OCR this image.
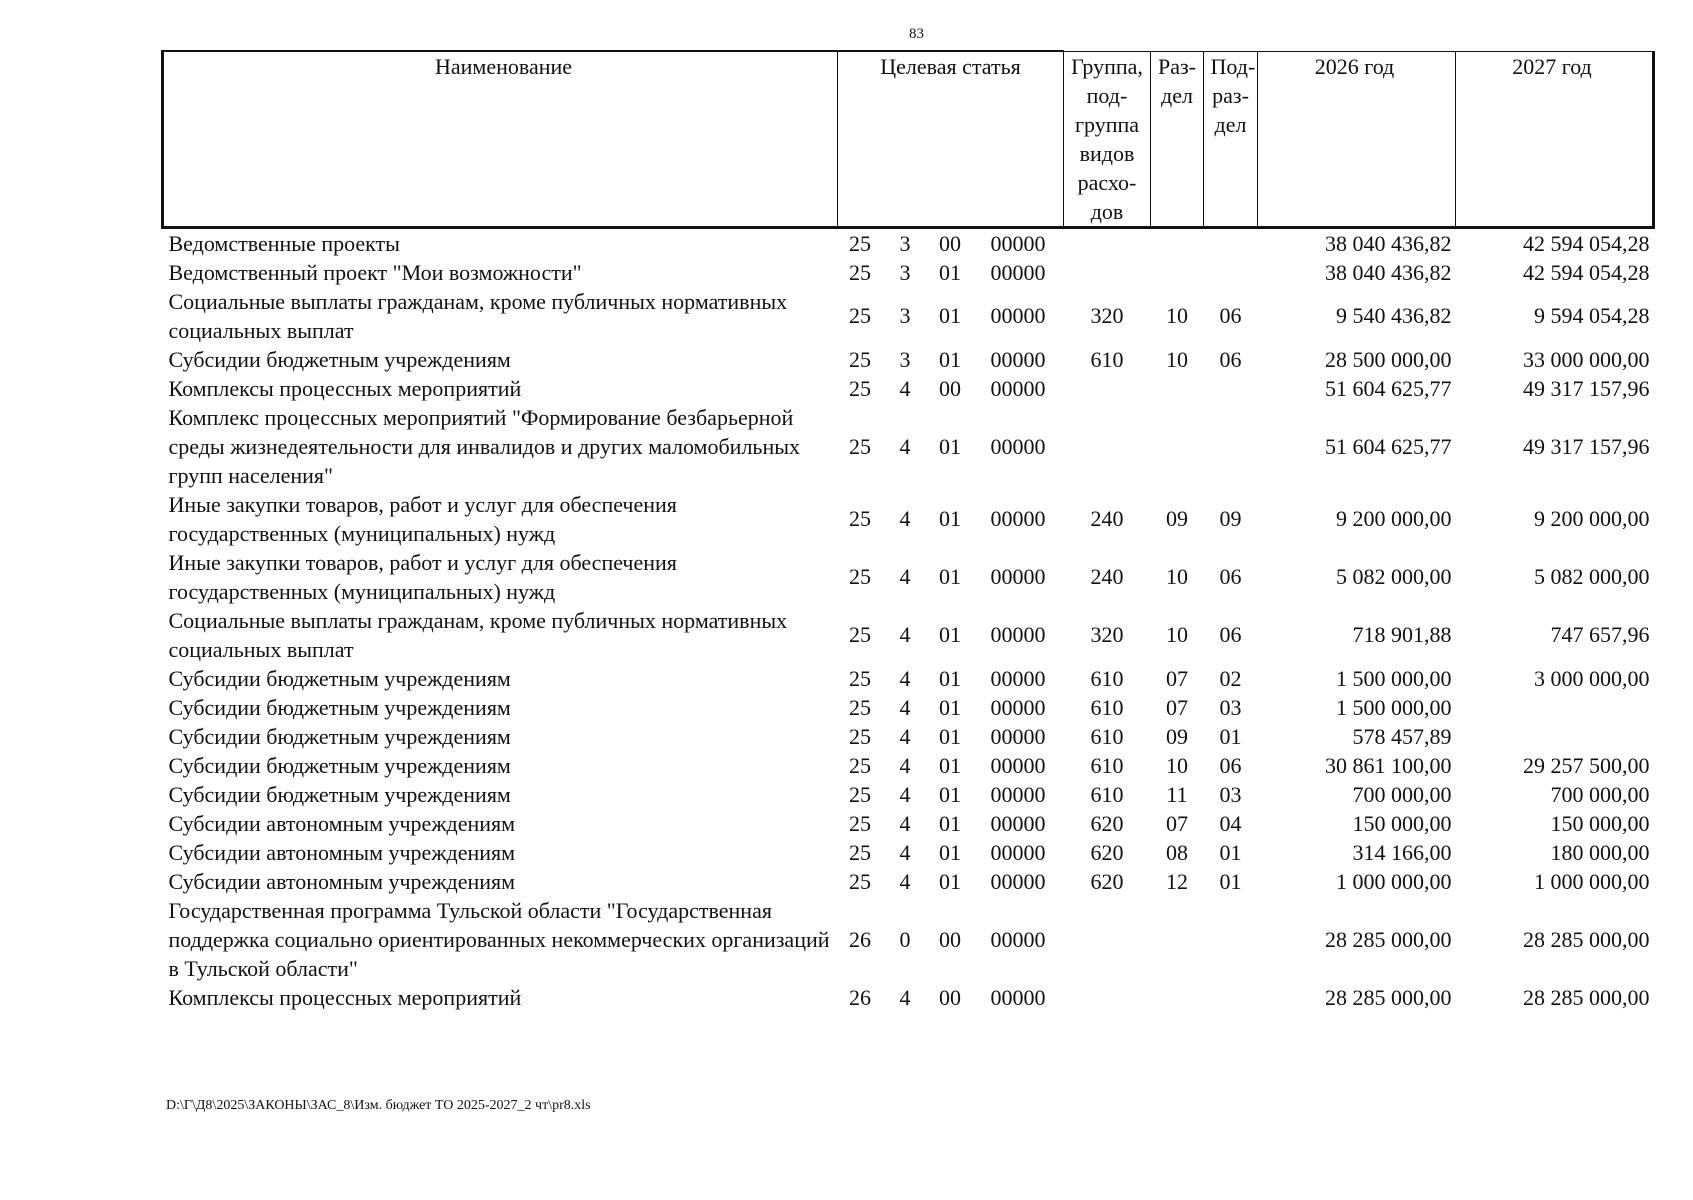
83
Наименование	Целевая статья				Группа, под-группа видов расхо-дов	Раз-дел	Под-раз-дел	2026 год	2027 год
Ведомственные проекты	25	3	00	00000				38 040 436,82	42 594 054,28
Ведомственный проект "Мои возможности"	25	3	01	00000				38 040 436,82	42 594 054,28
Социальные выплаты гражданам, кроме публичных нормативных социальных выплат	25	3	01	00000	320	10	06	9 540 436,82	9 594 054,28
Субсидии бюджетным учреждениям	25	3	01	00000	610	10	06	28 500 000,00	33 000 000,00
Комплексы процессных мероприятий	25	4	00	00000				51 604 625,77	49 317 157,96
Комплекс процессных мероприятий "Формирование безбарьерной среды жизнедеятельности для инвалидов и других маломобильных групп населения"	25	4	01	00000				51 604 625,77	49 317 157,96
Иные закупки товаров, работ и услуг для обеспечения государственных (муниципальных) нужд	25	4	01	00000	240	09	09	9 200 000,00	9 200 000,00
Иные закупки товаров, работ и услуг для обеспечения государственных (муниципальных) нужд	25	4	01	00000	240	10	06	5 082 000,00	5 082 000,00
Социальные выплаты гражданам, кроме публичных нормативных социальных выплат	25	4	01	00000	320	10	06	718 901,88	747 657,96
Субсидии бюджетным учреждениям	25	4	01	00000	610	07	02	1 500 000,00	3 000 000,00
Субсидии бюджетным учреждениям	25	4	01	00000	610	07	03	1 500 000,00	
Субсидии бюджетным учреждениям	25	4	01	00000	610	09	01	578 457,89	
Субсидии бюджетным учреждениям	25	4	01	00000	610	10	06	30 861 100,00	29 257 500,00
Субсидии бюджетным учреждениям	25	4	01	00000	610	11	03	700 000,00	700 000,00
Субсидии автономным учреждениям	25	4	01	00000	620	07	04	150 000,00	150 000,00
Субсидии автономным учреждениям	25	4	01	00000	620	08	01	314 166,00	180 000,00
Субсидии автономным учреждениям	25	4	01	00000	620	12	01	1 000 000,00	1 000 000,00
Государственная программа Тульской области "Государственная поддержка социально ориентированных некоммерческих организаций в Тульской области"	26	0	00	00000				28 285 000,00	28 285 000,00
Комплексы процессных мероприятий	26	4	00	00000				28 285 000,00	28 285 000,00
D:\Г\Д8\2025\ЗАКОНЫ\ЗАС_8\Изм. бюджет ТО 2025-2027_2 чт\pr8.xls
